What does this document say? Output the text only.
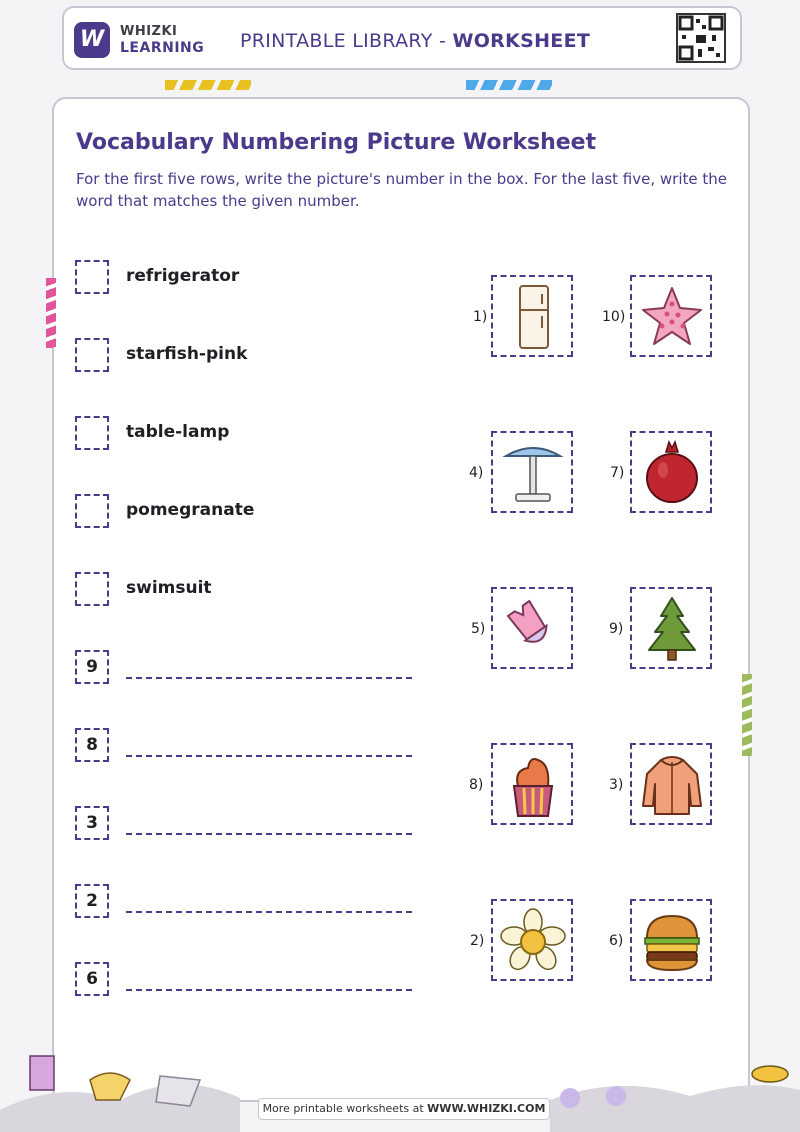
W	WHIZKI
LEARNING PRINTABLE LIBRARY - WORKSHEET
Vocabulary Numbering Picture Worksheet
For the first five rows, write the picture's number in the box. For the last five, write the word that matches the given number.
refrigerator
starfish-pink
table-lamp
pomegranate
swimsuit
9
8
3
2
6
1)	10)
4)	7)
5)	9)
8)	3)
2)	6)
More printable worksheets at WWW.WHIZKI.COM
